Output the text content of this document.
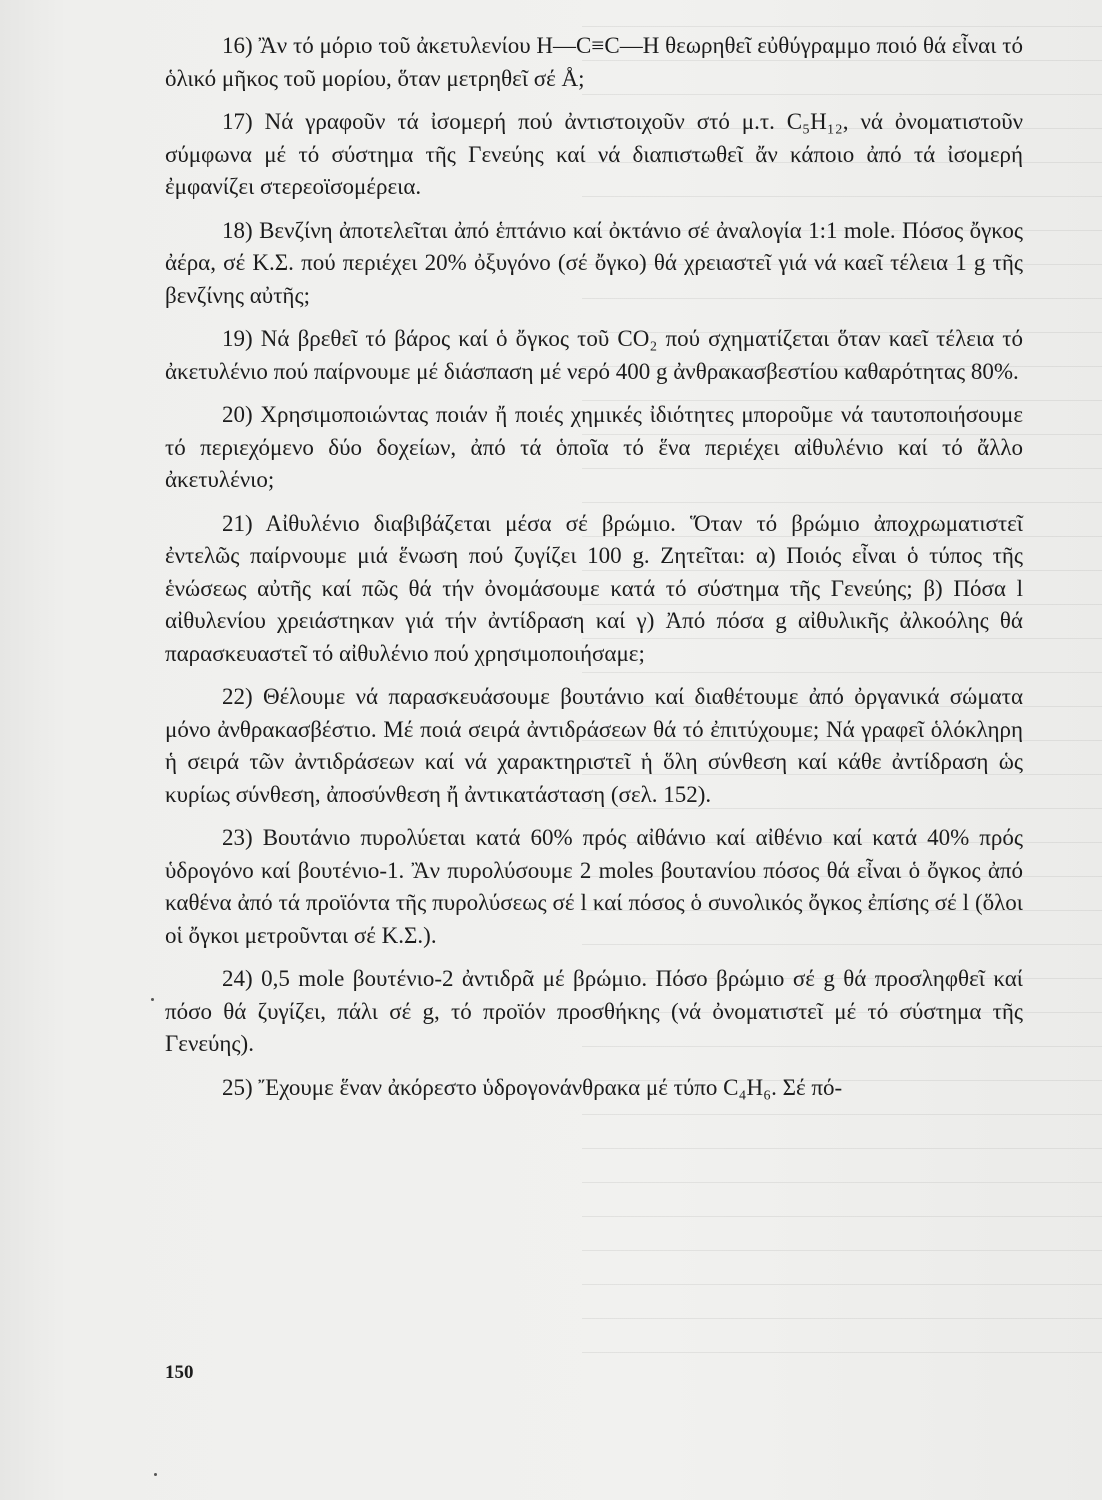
16) Ἂν τό μόριο τοῦ ἀκετυλενίου H—C≡C—H θεωρηθεῖ εὐθύγραμμο ποιό θά εἶναι τό ὁλικό μῆκος τοῦ μορίου, ὅταν μετρηθεῖ σέ Å;

17) Νά γραφοῦν τά ἰσομερή πού ἀντιστοιχοῦν στό μ.τ. C₅H₁₂, νά ὀνοματιστοῦν σύμφωνα μέ τό σύστημα τῆς Γενεύης καί νά διαπιστωθεῖ ἄν κάποιο ἀπό τά ἰσομερή ἐμφανίζει στερεοϊσομέρεια.

18) Βενζίνη ἀποτελεῖται ἀπό ἑπτάνιο καί ὀκτάνιο σέ ἀναλογία 1:1 mole. Πόσος ὄγκος ἀέρα, σέ Κ.Σ. πού περιέχει 20% ὀξυγόνο (σέ ὄγκο) θά χρειαστεῖ γιά νά καεῖ τέλεια 1 g τῆς βενζίνης αὐτῆς;

19) Νά βρεθεῖ τό βάρος καί ὁ ὄγκος τοῦ CO₂ πού σχηματίζεται ὅταν καεῖ τέλεια τό ἀκετυλένιο πού παίρνουμε μέ διάσπαση μέ νερό 400 g ἀνθρακασβεστίου καθαρότητας 80%.

20) Χρησιμοποιώντας ποιάν ἤ ποιές χημικές ἰδιότητες μποροῦμε νά ταυτοποιήσουμε τό περιεχόμενο δύο δοχείων, ἀπό τά ὁποῖα τό ἕνα περιέχει αἰθυλένιο καί τό ἄλλο ἀκετυλένιο;

21) Αἰθυλένιο διαβιβάζεται μέσα σέ βρώμιο. Ὅταν τό βρώμιο ἀποχρωματιστεῖ ἐντελῶς παίρνουμε μιά ἕνωση πού ζυγίζει 100 g. Ζητεῖται: α) Ποιός εἶναι ὁ τύπος τῆς ἑνώσεως αὐτῆς καί πῶς θά τήν ὀνομάσουμε κατά τό σύστημα τῆς Γενεύης; β) Πόσα l αἰθυλενίου χρειάστηκαν γιά τήν ἀντίδραση καί γ) Ἀπό πόσα g αἰθυλικῆς ἀλκοόλης θά παρασκευαστεῖ τό αἰθυλένιο πού χρησιμοποιήσαμε;

22) Θέλουμε νά παρασκευάσουμε βουτάνιο καί διαθέτουμε ἀπό ὀργανικά σώματα μόνο ἀνθρακασβέστιο. Μέ ποιά σειρά ἀντιδράσεων θά τό ἐπιτύχουμε; Νά γραφεῖ ὁλόκληρη ἡ σειρά τῶν ἀντιδράσεων καί νά χαρακτηριστεῖ ἡ ὅλη σύνθεση καί κάθε ἀντίδραση ὡς κυρίως σύνθεση, ἀποσύνθεση ἤ ἀντικατάσταση (σελ. 152).

23) Βουτάνιο πυρολύεται κατά 60% πρός αἰθάνιο καί αἰθένιο καί κατά 40% πρός ὑδρογόνο καί βουτένιο-1. Ἂν πυρολύσουμε 2 moles βουτανίου πόσος θά εἶναι ὁ ὄγκος ἀπό καθένα ἀπό τά προϊόντα τῆς πυρολύσεως σέ l καί πόσος ὁ συνολικός ὄγκος ἐπίσης σέ l (ὅλοι οἱ ὄγκοι μετροῦνται σέ Κ.Σ.).

24) 0,5 mole βουτένιο-2 ἀντιδρᾶ μέ βρώμιο. Πόσο βρώμιο σέ g θά προσληφθεῖ καί πόσο θά ζυγίζει, πάλι σέ g, τό προϊόν προσθήκης (νά ὀνοματιστεῖ μέ τό σύστημα τῆς Γενεύης).

25) Ἔχουμε ἕναν ἀκόρεστο ὑδρογονάνθρακα μέ τύπο C₄H₆. Σέ πό-

150
